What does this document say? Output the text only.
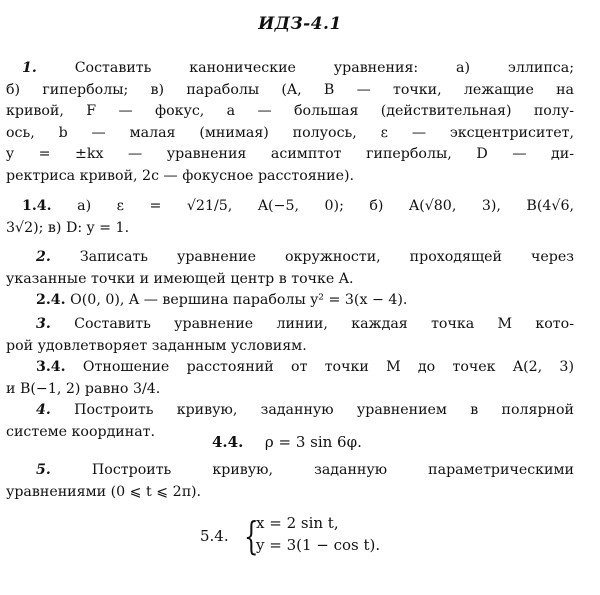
ИДЗ-4.1
1.	Составить канонические уравнения: а) эллипса;
б) гиперболы; в) параболы (A, B — точки, лежащие на
кривой, F — фокус, a — большая (действительная) полу-
ось, b — малая (мнимая) полуось, ε — эксцентриситет,
y = ±kx — уравнения асимптот гиперболы, D — ди-
ректриса кривой, 2c — фокусное расстояние).
1.4. а) ε = √21/5, A(−5, 0); б) A(√80, 3), B(4√6,
3√2); в) D: y = 1.
2. Записать уравнение окружности, проходящей через
указанные точки и имеющей центр в точке A.
2.4. O(0, 0), A — вершина параболы y² = 3(x − 4).
3. Составить уравнение линии, каждая точка M кото-
рой удовлетворяет заданным условиям.
3.4. Отношение расстояний от точки M до точек A(2, 3)
и B(−1, 2) равно 3/4.
4. Построить кривую, заданную уравнением в полярной
системе координат.
4.4. ρ = 3 sin 6φ.
5.	Построить кривую, заданную параметрическими
уравнениями (0 ⩽ t ⩽ 2π).
5.4. {
x = 2 sin t,
y = 3(1 − cos t).
